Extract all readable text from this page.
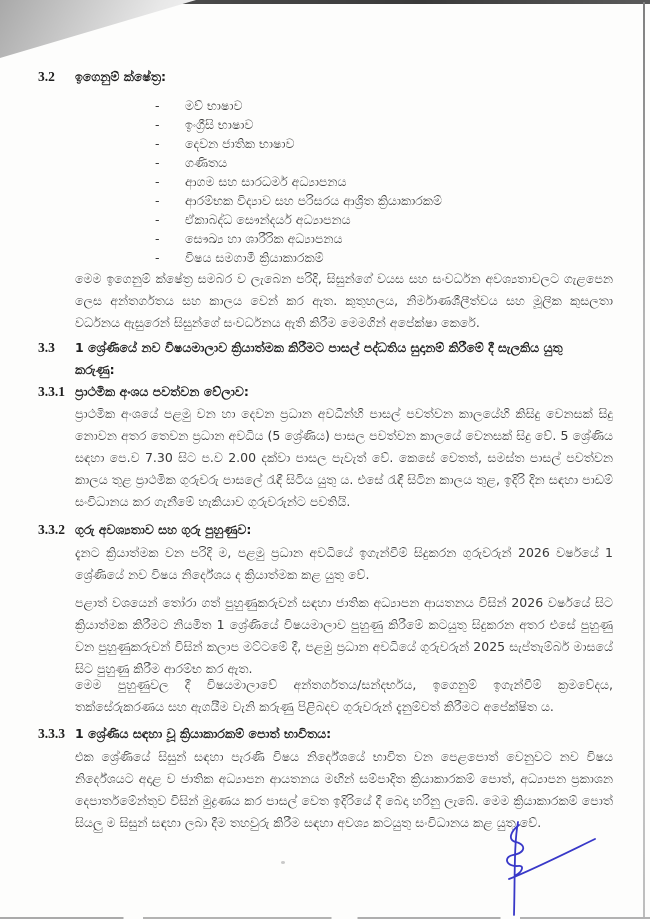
3.2	ඉගෙනුම් ක්ෂේත්‍ර:
-	මව් භාෂාව
-	ඉංග්‍රීසි භාෂාව
-	දෙවන ජාතික භාෂාව
-	ගණිතය
-	ආගම සහ සාරධර්ම අධ්‍යාපනය
-	ආරම්භක විද්‍යාව සහ පරිසරය ආශ්‍රිත ක්‍රියාකාරකම්
-	ඒකාබද්ධ සෞන්දර්ය අධ්‍යාපනය
-	සෞඛ්‍ය හා ශාරීරික අධ්‍යාපනය
-	විෂය සමගාමී ක්‍රියාකාරකම්
මෙම ඉගෙනුම් ක්ෂේත්‍ර සමබර ව ලැබෙන පරිදි, සිසුන්ගේ වයස සහ සංවර්ධන අවශ්‍යතාවලට ගැළපෙන ලෙස අන්තර්ගතය සහ කාලය වෙන් කර ඇත. කුතුහලය, නිර්මාණශීලීත්වය සහ මූලික කුසලතා වර්ධනය ඇසුරෙන් සිසුන්ගේ සංවර්ධනය ඇති කිරීම මෙමගින් අපේක්ෂා කෙරේ.
3.3	1 ශ්‍රේණියේ නව විෂයමාලාව ක්‍රියාත්මක කිරීමට පාසල් පද්ධතිය සුදානම් කිරීමේ දී සැලකිය යුතු කරුණු:
3.3.1 ප්‍රාථමික අංශය පවත්වන වේලාව:
ප්‍රාථමික අංශයේ පළමු වන හා දෙවන ප්‍රධාන අවධීන්හි පාසල් පවත්වන කාලයේහි කිසිදු වෙනසක් සිදු නොවන අතර තෙවන ප්‍රධාන අවධිය (5 ශ්‍රේණිය) පාසල පවත්වන කාලයේ වෙනසක් සිදු වේ. 5 ශ්‍රේණිය සඳහා පෙ.ව 7.30 සිට ප.ව 2.00 දක්වා පාසල පැවැත් වේ. කෙසේ වෙතත්, සමස්ත පාසල් පවත්වන කාලය තුළ ප්‍රාථමික ගුරුවරු පාසලේ රැඳී සිටිය යුතු ය. එසේ රැඳී සිටින කාලය තුළ, ඉදිරි දින සඳහා පාඩම් සංවිධානය කර ගැනීමේ හැකියාව ගුරුවරුන්ට පවතියි.
3.3.2 ගුරු අවශ්‍යතාව සහ ගුරු පුහුණුව:
දැනට ක්‍රියාත්මක වන පරිදි ම, පළමු ප්‍රධාන අවධියේ ඉගැන්වීම් සිදුකරන ගුරුවරුන් 2026 වර්ෂයේ 1 ශ්‍රේණියේ නව විෂය නිර්දේශය ද ක්‍රියාත්මක කළ යුතු වේ.
පළාත් වශයෙන් තෝරා ගත් පුහුණුකරුවන් සඳහා ජාතික අධ්‍යාපන ආයතනය විසින් 2026 වර්ෂයේ සිට ක්‍රියාත්මක කිරීමට නියමිත 1 ශ්‍රේණියේ විෂයමාලාව පුහුණු කිරීමේ කටයුතු සිදුකරන අතර එසේ පුහුණු වන පුහුණුකරුවන් විසින් කලාප මට්ටමේ දී, පළමු ප්‍රධාන අවධියේ ගුරුවරුන් 2025 සැප්තැම්බර් මාසයේ සිට පුහුණු කිරීම ආරම්භ කර ඇත.
මෙම පුහුණුවල දී විෂයමාලාවේ අන්තර්ගතය/සන්දර්භය, ඉගෙනුම් ඉගැන්වීම් ක්‍රමවේදය, තක්සේරුකරණය සහ ඇගයීම වැනි කරුණු පිළිබදව ගුරුවරුන් දැනුම්වත් කිරීමට අපේක්ෂිත ය.
3.3.3 1 ශ්‍රේණිය සඳහා වූ ක්‍රියාකාරකම් පොත් භාවිතය:
එක ශ්‍රේණියේ සිසුන් සඳහා පැරණි විෂය නිර්දේශයේ භාවිත වන පෙළපොත් වෙනුවට නව විෂය නිර්දේශයට අදාළ ව ජාතික අධ්‍යාපන ආයතනය මඟින් සම්පාදිත ක්‍රියාකාරකම් පොත්, අධ්‍යාපන ප්‍රකාශන දෙපාර්තමේන්තුව විසින් මුද්‍රණය කර පාසල් වෙත ඉදිරියේ දී බෙදා හරිනු ලැබේ. මෙම ක්‍රියාකාරකම් පොත් සියලු ම සිසුන් සඳහා ලබා දීම තහවුරු කිරීම සඳහා අවශ්‍ය කටයුතු සංවිධානය කළ යුතු වේ.
